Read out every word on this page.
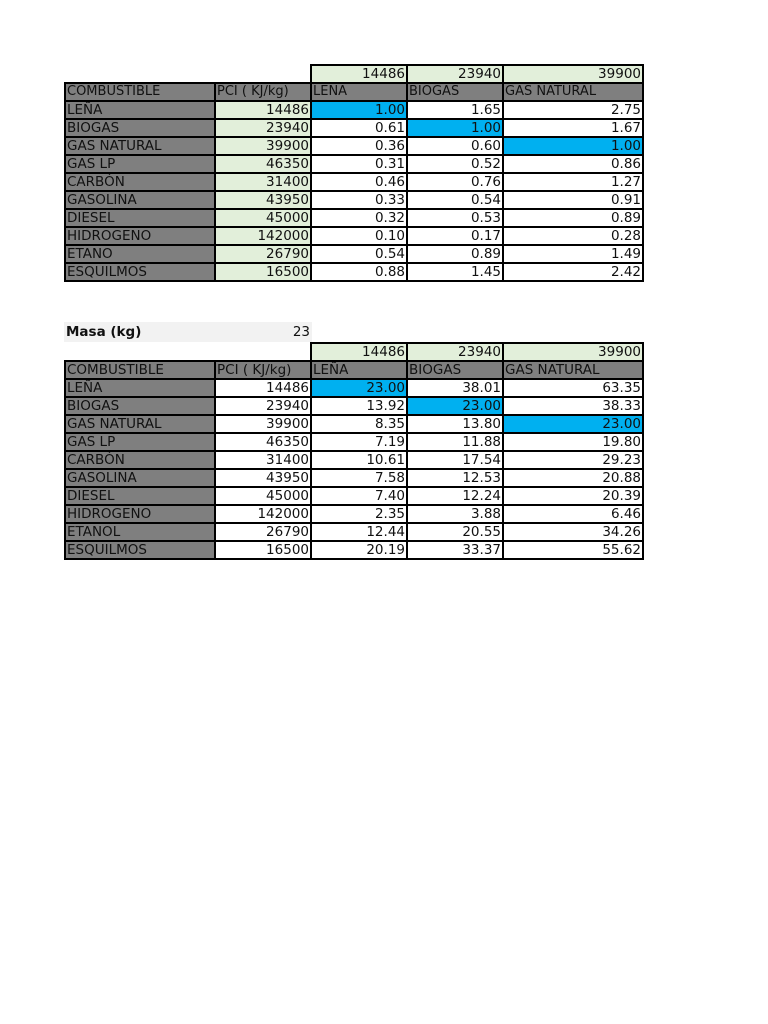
		14486	23940	39900
COMBUSTIBLE	PCI ( KJ/kg)	LEÑA	BIOGAS	GAS NATURAL
LEÑA	14486	1.00	1.65	2.75
BIOGAS	23940	0.61	1.00	1.67
GAS NATURAL	39900	0.36	0.60	1.00
GAS LP	46350	0.31	0.52	0.86
CARBÓN	31400	0.46	0.76	1.27
GASOLINA	43950	0.33	0.54	0.91
DIESEL	45000	0.32	0.53	0.89
HIDROGENO	142000	0.10	0.17	0.28
ETANO	26790	0.54	0.89	1.49
ESQUILMOS	16500	0.88	1.45	2.42
Masa (kg)	23
		14486	23940	39900
COMBUSTIBLE	PCI ( KJ/kg)	LEÑA	BIOGAS	GAS NATURAL
LEÑA	14486	23.00	38.01	63.35
BIOGAS	23940	13.92	23.00	38.33
GAS NATURAL	39900	8.35	13.80	23.00
GAS LP	46350	7.19	11.88	19.80
CARBÓN	31400	10.61	17.54	29.23
GASOLINA	43950	7.58	12.53	20.88
DIESEL	45000	7.40	12.24	20.39
HIDROGENO	142000	2.35	3.88	6.46
ETANOL	26790	12.44	20.55	34.26
ESQUILMOS	16500	20.19	33.37	55.62
